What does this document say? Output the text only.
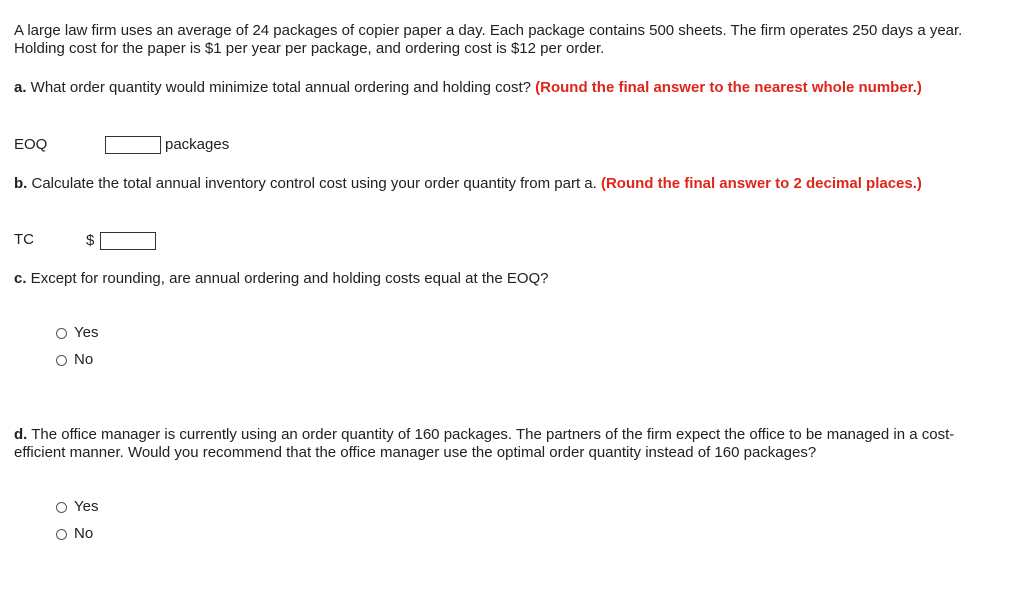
A large law firm uses an average of 24 packages of copier paper a day. Each package contains 500 sheets. The firm operates 250 days a year. Holding cost for the paper is $1 per year per package, and ordering cost is $12 per order.
a. What order quantity would minimize total annual ordering and holding cost? (Round the final answer to the nearest whole number.)
EOQ	packages
b. Calculate the total annual inventory control cost using your order quantity from part a. (Round the final answer to 2 decimal places.)
TC	$
c. Except for rounding, are annual ordering and holding costs equal at the EOQ?
Yes
No
d. The office manager is currently using an order quantity of 160 packages. The partners of the firm expect the office to be managed in a cost-efficient manner. Would you recommend that the office manager use the optimal order quantity instead of 160 packages?
Yes
No
